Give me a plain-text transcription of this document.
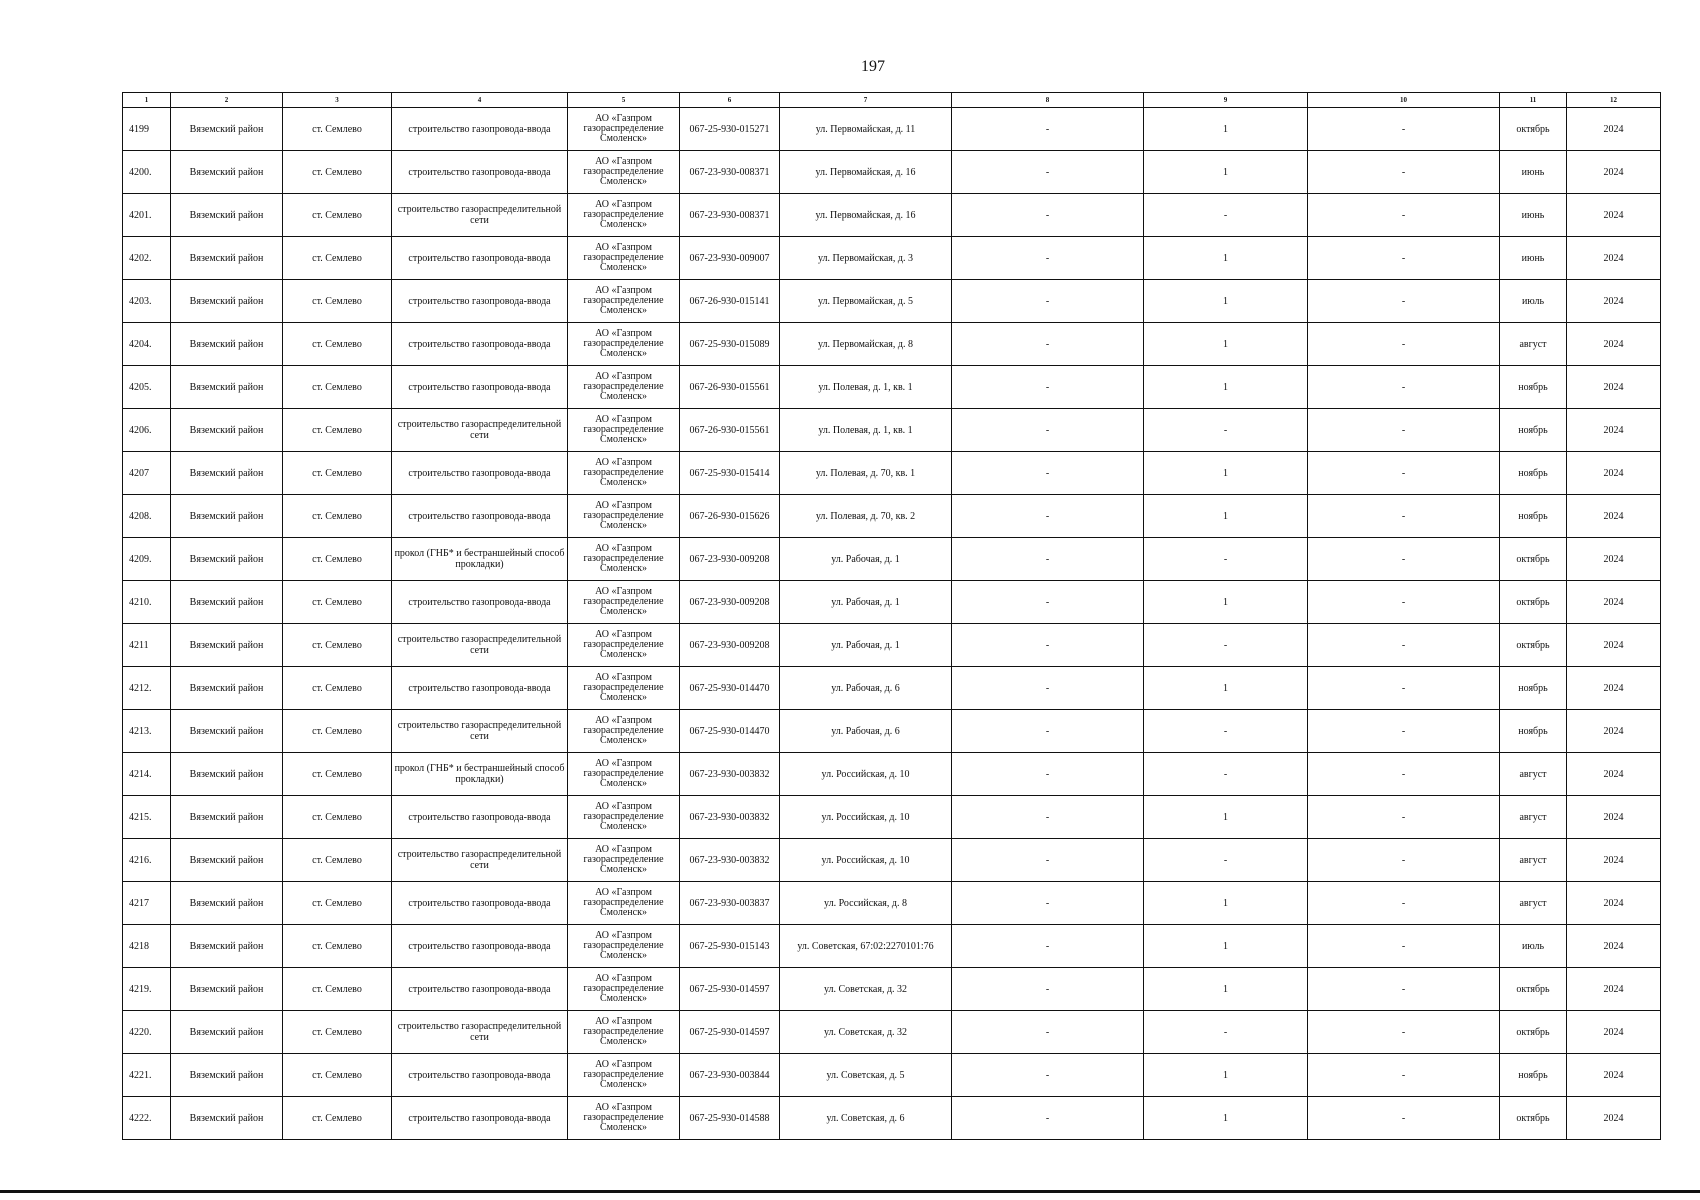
197
1	2	3	4	5	6	7	8	9	10	11	12
4199	Вяземский район	ст. Семлево	строительство газопровода-ввода	АО «Газпром газораспределение Смоленск»	067-25-930-015271	ул. Первомайская, д. 11	-	1	-	октябрь	2024
4200.	Вяземский район	ст. Семлево	строительство газопровода-ввода	АО «Газпром газораспределение Смоленск»	067-23-930-008371	ул. Первомайская, д. 16	-	1	-	июнь	2024
4201.	Вяземский район	ст. Семлево	строительство газораспределительной сети	АО «Газпром газораспределение Смоленск»	067-23-930-008371	ул. Первомайская, д. 16	-	-	-	июнь	2024
4202.	Вяземский район	ст. Семлево	строительство газопровода-ввода	АО «Газпром газораспределение Смоленск»	067-23-930-009007	ул. Первомайская, д. 3	-	1	-	июнь	2024
4203.	Вяземский район	ст. Семлево	строительство газопровода-ввода	АО «Газпром газораспределение Смоленск»	067-26-930-015141	ул. Первомайская, д. 5	-	1	-	июль	2024
4204.	Вяземский район	ст. Семлево	строительство газопровода-ввода	АО «Газпром газораспределение Смоленск»	067-25-930-015089	ул. Первомайская, д. 8	-	1	-	август	2024
4205.	Вяземский район	ст. Семлево	строительство газопровода-ввода	АО «Газпром газораспределение Смоленск»	067-26-930-015561	ул. Полевая, д. 1, кв. 1	-	1	-	ноябрь	2024
4206.	Вяземский район	ст. Семлево	строительство газораспределительной сети	АО «Газпром газораспределение Смоленск»	067-26-930-015561	ул. Полевая, д. 1, кв. 1	-	-	-	ноябрь	2024
4207	Вяземский район	ст. Семлево	строительство газопровода-ввода	АО «Газпром газораспределение Смоленск»	067-25-930-015414	ул. Полевая, д. 70, кв. 1	-	1	-	ноябрь	2024
4208.	Вяземский район	ст. Семлево	строительство газопровода-ввода	АО «Газпром газораспределение Смоленск»	067-26-930-015626	ул. Полевая, д. 70, кв. 2	-	1	-	ноябрь	2024
4209.	Вяземский район	ст. Семлево	прокол (ГНБ* и бестраншейный способ прокладки)	АО «Газпром газораспределение Смоленск»	067-23-930-009208	ул. Рабочая, д. 1	-	-	-	октябрь	2024
4210.	Вяземский район	ст. Семлево	строительство газопровода-ввода	АО «Газпром газораспределение Смоленск»	067-23-930-009208	ул. Рабочая, д. 1	-	1	-	октябрь	2024
4211	Вяземский район	ст. Семлево	строительство газораспределительной сети	АО «Газпром газораспределение Смоленск»	067-23-930-009208	ул. Рабочая, д. 1	-	-	-	октябрь	2024
4212.	Вяземский район	ст. Семлево	строительство газопровода-ввода	АО «Газпром газораспределение Смоленск»	067-25-930-014470	ул. Рабочая, д. 6	-	1	-	ноябрь	2024
4213.	Вяземский район	ст. Семлево	строительство газораспределительной сети	АО «Газпром газораспределение Смоленск»	067-25-930-014470	ул. Рабочая, д. 6	-	-	-	ноябрь	2024
4214.	Вяземский район	ст. Семлево	прокол (ГНБ* и бестраншейный способ прокладки)	АО «Газпром газораспределение Смоленск»	067-23-930-003832	ул. Российская, д. 10	-	-	-	август	2024
4215.	Вяземский район	ст. Семлево	строительство газопровода-ввода	АО «Газпром газораспределение Смоленск»	067-23-930-003832	ул. Российская, д. 10	-	1	-	август	2024
4216.	Вяземский район	ст. Семлево	строительство газораспределительной сети	АО «Газпром газораспределение Смоленск»	067-23-930-003832	ул. Российская, д. 10	-	-	-	август	2024
4217	Вяземский район	ст. Семлево	строительство газопровода-ввода	АО «Газпром газораспределение Смоленск»	067-23-930-003837	ул. Российская, д. 8	-	1	-	август	2024
4218	Вяземский район	ст. Семлево	строительство газопровода-ввода	АО «Газпром газораспределение Смоленск»	067-25-930-015143	ул. Советская, 67:02:2270101:76	-	1	-	июль	2024
4219.	Вяземский район	ст. Семлево	строительство газопровода-ввода	АО «Газпром газораспределение Смоленск»	067-25-930-014597	ул. Советская, д. 32	-	1	-	октябрь	2024
4220.	Вяземский район	ст. Семлево	строительство газораспределительной сети	АО «Газпром газораспределение Смоленск»	067-25-930-014597	ул. Советская, д. 32	-	-	-	октябрь	2024
4221.	Вяземский район	ст. Семлево	строительство газопровода-ввода	АО «Газпром газораспределение Смоленск»	067-23-930-003844	ул. Советская, д. 5	-	1	-	ноябрь	2024
4222.	Вяземский район	ст. Семлево	строительство газопровода-ввода	АО «Газпром газораспределение Смоленск»	067-25-930-014588	ул. Советская, д. 6	-	1	-	октябрь	2024
